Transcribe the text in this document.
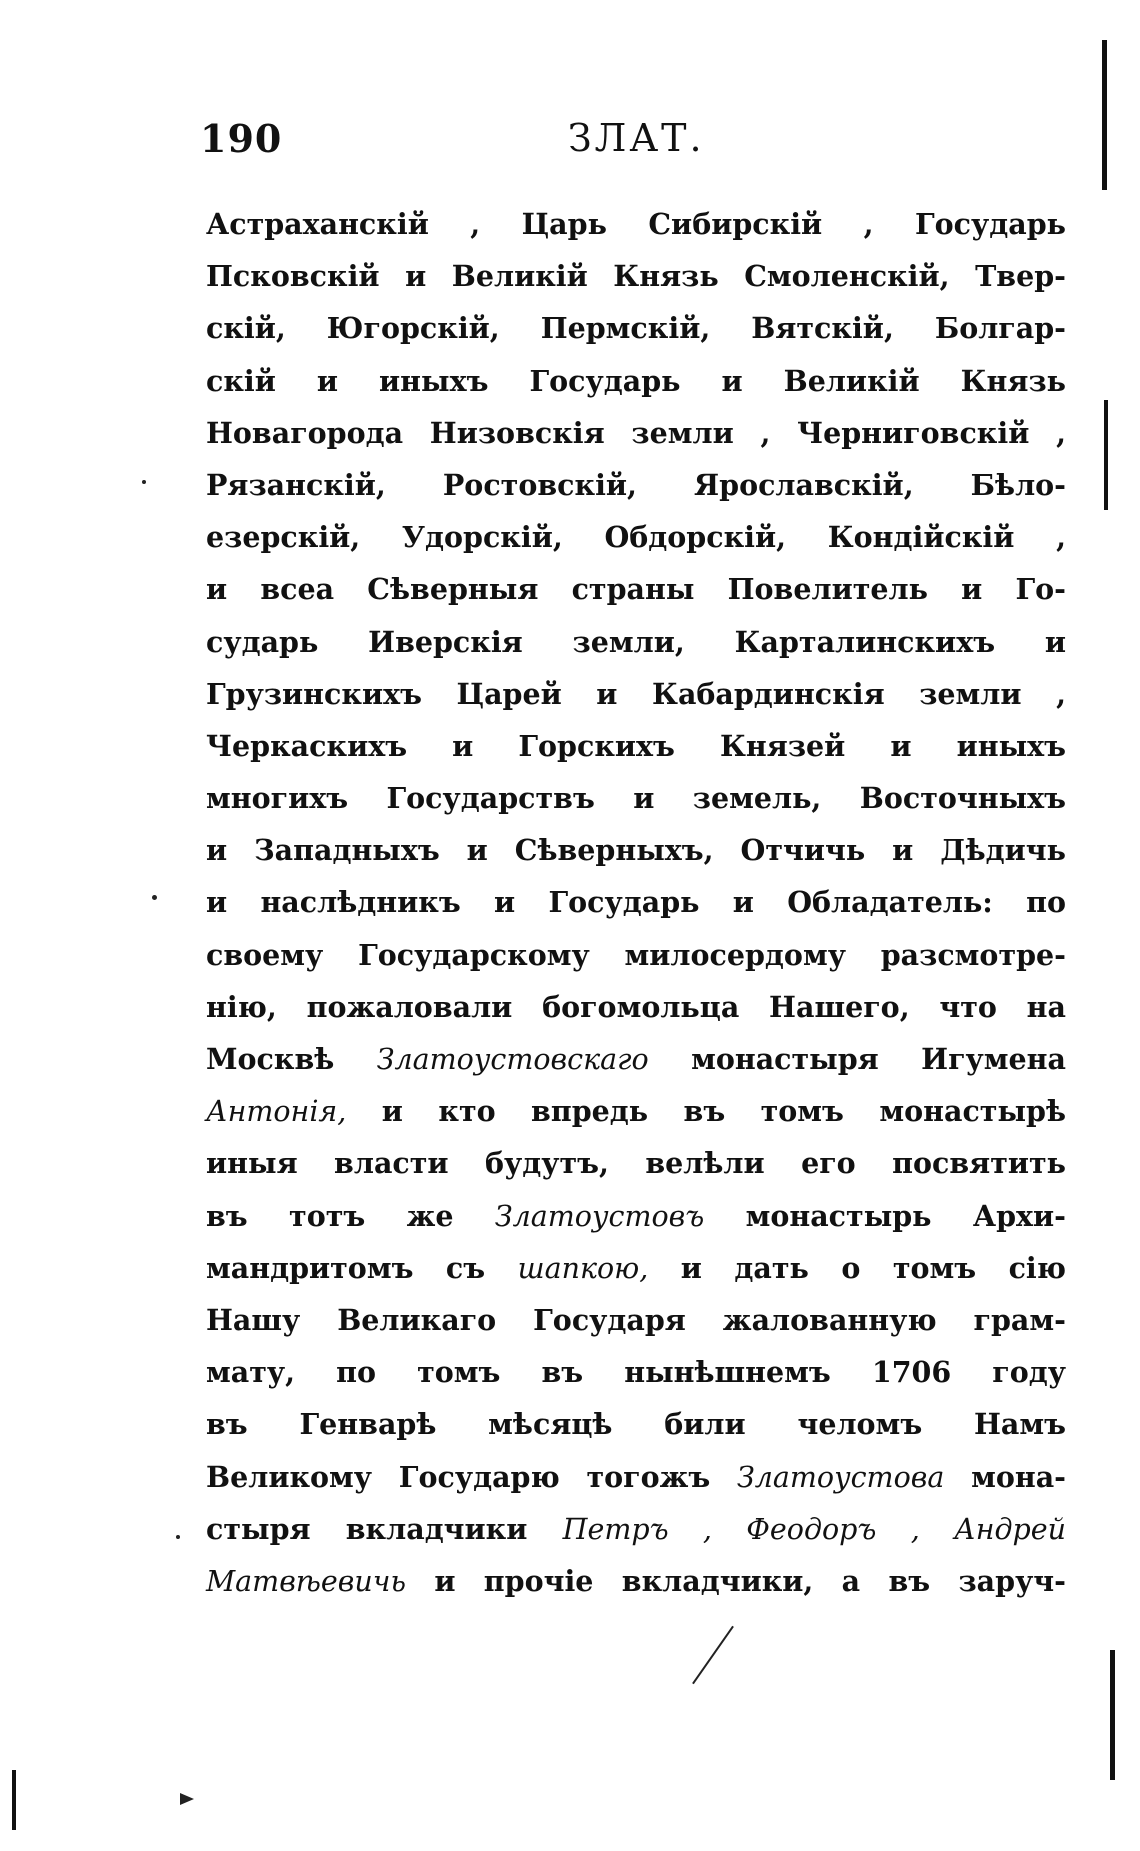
190	ЗЛАТ.
Астраханскій , Царь Сибирскій , Государь
Псковскій и Великій Князь Смоленскій, Твер-
скій, Югорскій, Пермскій, Вятскій, Болгар-
скій и иныхъ Государь и Великій Князь
Новагорода Низовскія земли , Черниговскій ,
Рязанскій, Ростовскій, Ярославскій, Бѣло-
езерскій, Удорскій, Обдорскій, Кондійскій ,
и всеа Сѣверныя страны Повелитель и Го-
сударь Иверскія земли, Карталинскихъ и
Грузинскихъ Царей и Кабардинскія земли ,
Черкаскихъ и Горскихъ Князей и иныхъ
многихъ Государствъ и земель, Восточныхъ
и Западныхъ и Сѣверныхъ, Отчичь и Дѣдичь
и наслѣдникъ и Государь и Обладатель: по
своему Государскому милосердому разсмотре-
нію, пожаловали богомольца Нашего, что на
Москвѣ Златоустовскаго монастыря Игумена
Антонія, и кто впредь въ томъ монастырѣ
иныя власти будутъ, велѣли его посвятить
въ тотъ же Златоустовъ монастырь Архи-
мандритомъ съ шапкою, и дать о томъ сію
Нашу Великаго Государя жалованную грам-
мату, по томъ въ нынѣшнемъ 1706 году
въ Генварѣ мѣсяцѣ били челомъ Намъ
Великому Государю тогожъ Златоустова мона-
стыря вкладчики Петръ , Феодоръ , Андрей
Матвѣевичь и прочіе вкладчики, а въ заруч-
